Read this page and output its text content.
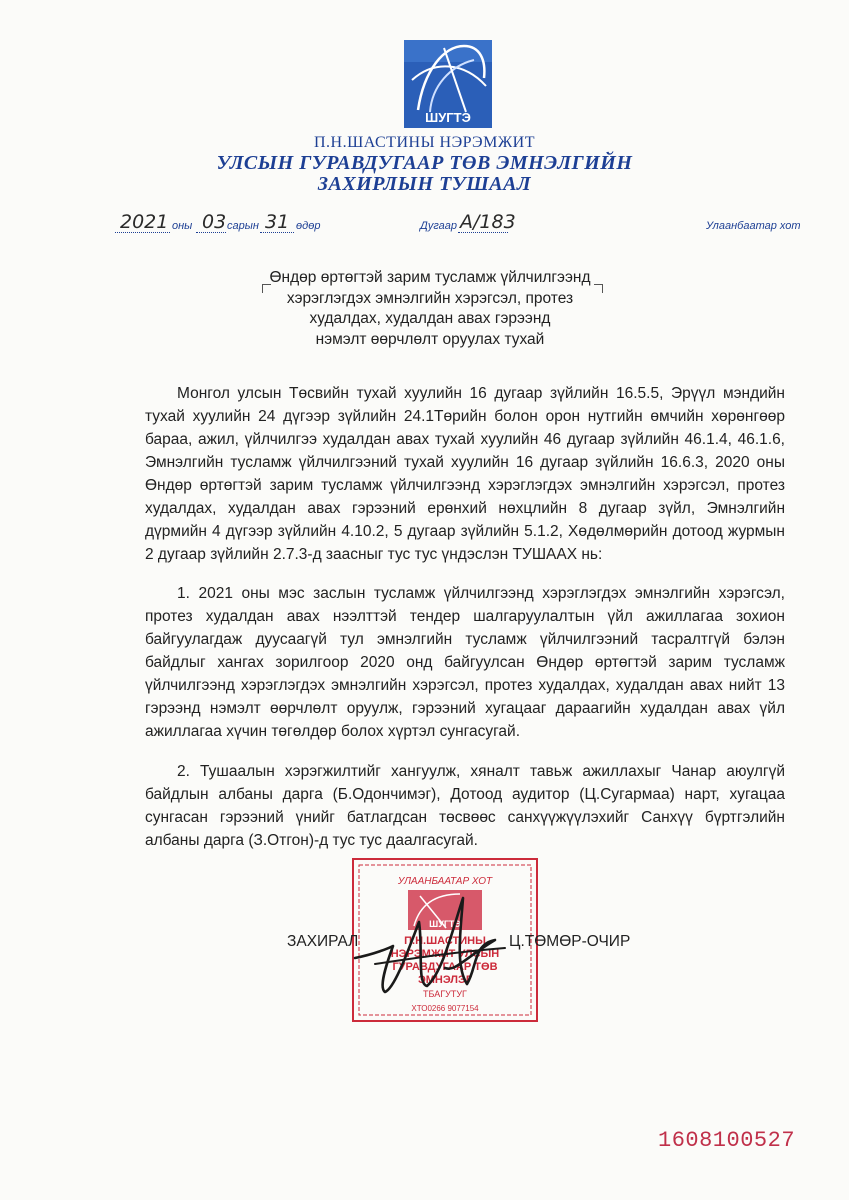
ШУГТЭ
П.Н.ШАСТИНЫ НЭРЭМЖИТ
УЛСЫН ГУРАВДУГААР ТӨВ ЭМНЭЛГИЙН
ЗАХИРЛЫН ТУШААЛ
2021 оны 03 сарын 31 өдөр	Дугаар А/183	Улаанбаатар хот
Өндөр өртөгтэй зарим тусламж үйлчилгээнд
хэрэглэгдэх эмнэлгийн хэрэгсэл, протез
худалдах, худалдан авах гэрээнд
нэмэлт өөрчлөлт оруулах тухай
Монгол улсын Төсвийн тухай хуулийн 16 дугаар зүйлийн 16.5.5, Эрүүл мэндийн тухай хуулийн 24 дүгээр зүйлийн 24.1Төрийн болон орон нутгийн өмчийн хөрөнгөөр бараа, ажил, үйлчилгээ худалдан авах тухай хуулийн 46 дугаар зүйлийн 46.1.4, 46.1.6, Эмнэлгийн тусламж үйлчилгээний тухай хуулийн 16 дугаар зүйлийн 16.6.3, 2020 оны Өндөр өртөгтэй зарим тусламж үйлчилгээнд хэрэглэгдэх эмнэлгийн хэрэгсэл, протез худалдах, худалдан авах гэрээний ерөнхий нөхцлийн 8 дугаар зүйл, Эмнэлгийн дүрмийн 4 дүгээр зүйлийн 4.10.2, 5 дугаар зүйлийн 5.1.2, Хөдөлмөрийн дотоод журмын 2 дугаар зүйлийн 2.7.3-д заасныг тус тус үндэслэн ТУШААХ нь:
1. 2021 оны мэс заслын тусламж үйлчилгээнд хэрэглэгдэх эмнэлгийн хэрэгсэл, протез худалдан авах нээлттэй тендер шалгаруулалтын үйл ажиллагаа зохион байгуулагдаж дуусаагүй тул эмнэлгийн тусламж үйлчилгээний тасралтгүй бэлэн байдлыг хангах зорилгоор 2020 онд байгуулсан Өндөр өртөгтэй зарим тусламж үйлчилгээнд хэрэглэгдэх эмнэлгийн хэрэгсэл, протез худалдах, худалдан авах нийт 13 гэрээнд нэмэлт өөрчлөлт оруулж, гэрээний хугацааг дараагийн худалдан авах үйл ажиллагаа хүчин төгөлдөр болох хүртэл сунгасугай.
2. Тушаалын хэрэгжилтийг хангуулж, хяналт тавьж ажиллахыг Чанар аюулгүй байдлын албаны дарга (Б.Одончимэг), Дотоод аудитор (Ц.Сугармаа) нарт, хугацаа сунгасан гэрээний үнийг батлагдсан төсвөөс санхүүжүүлэхийг Санхүү бүртгэлийн албаны дарга (З.Отгон)-д тус тус даалгасугай.
УЛААНБААТАР ХОТ
ШУГТЭ
П.Н.ШАСТИНЫ
НЭРЭМЖИТ УЛСЫН
ГУРАВДУГААР ТӨВ
ЭМНЭЛЭГ
ТБАГУТУГ
ХТО0266 9077154
ЗАХИРАЛ	Ц.ТӨМӨР-ОЧИР
1608100527
